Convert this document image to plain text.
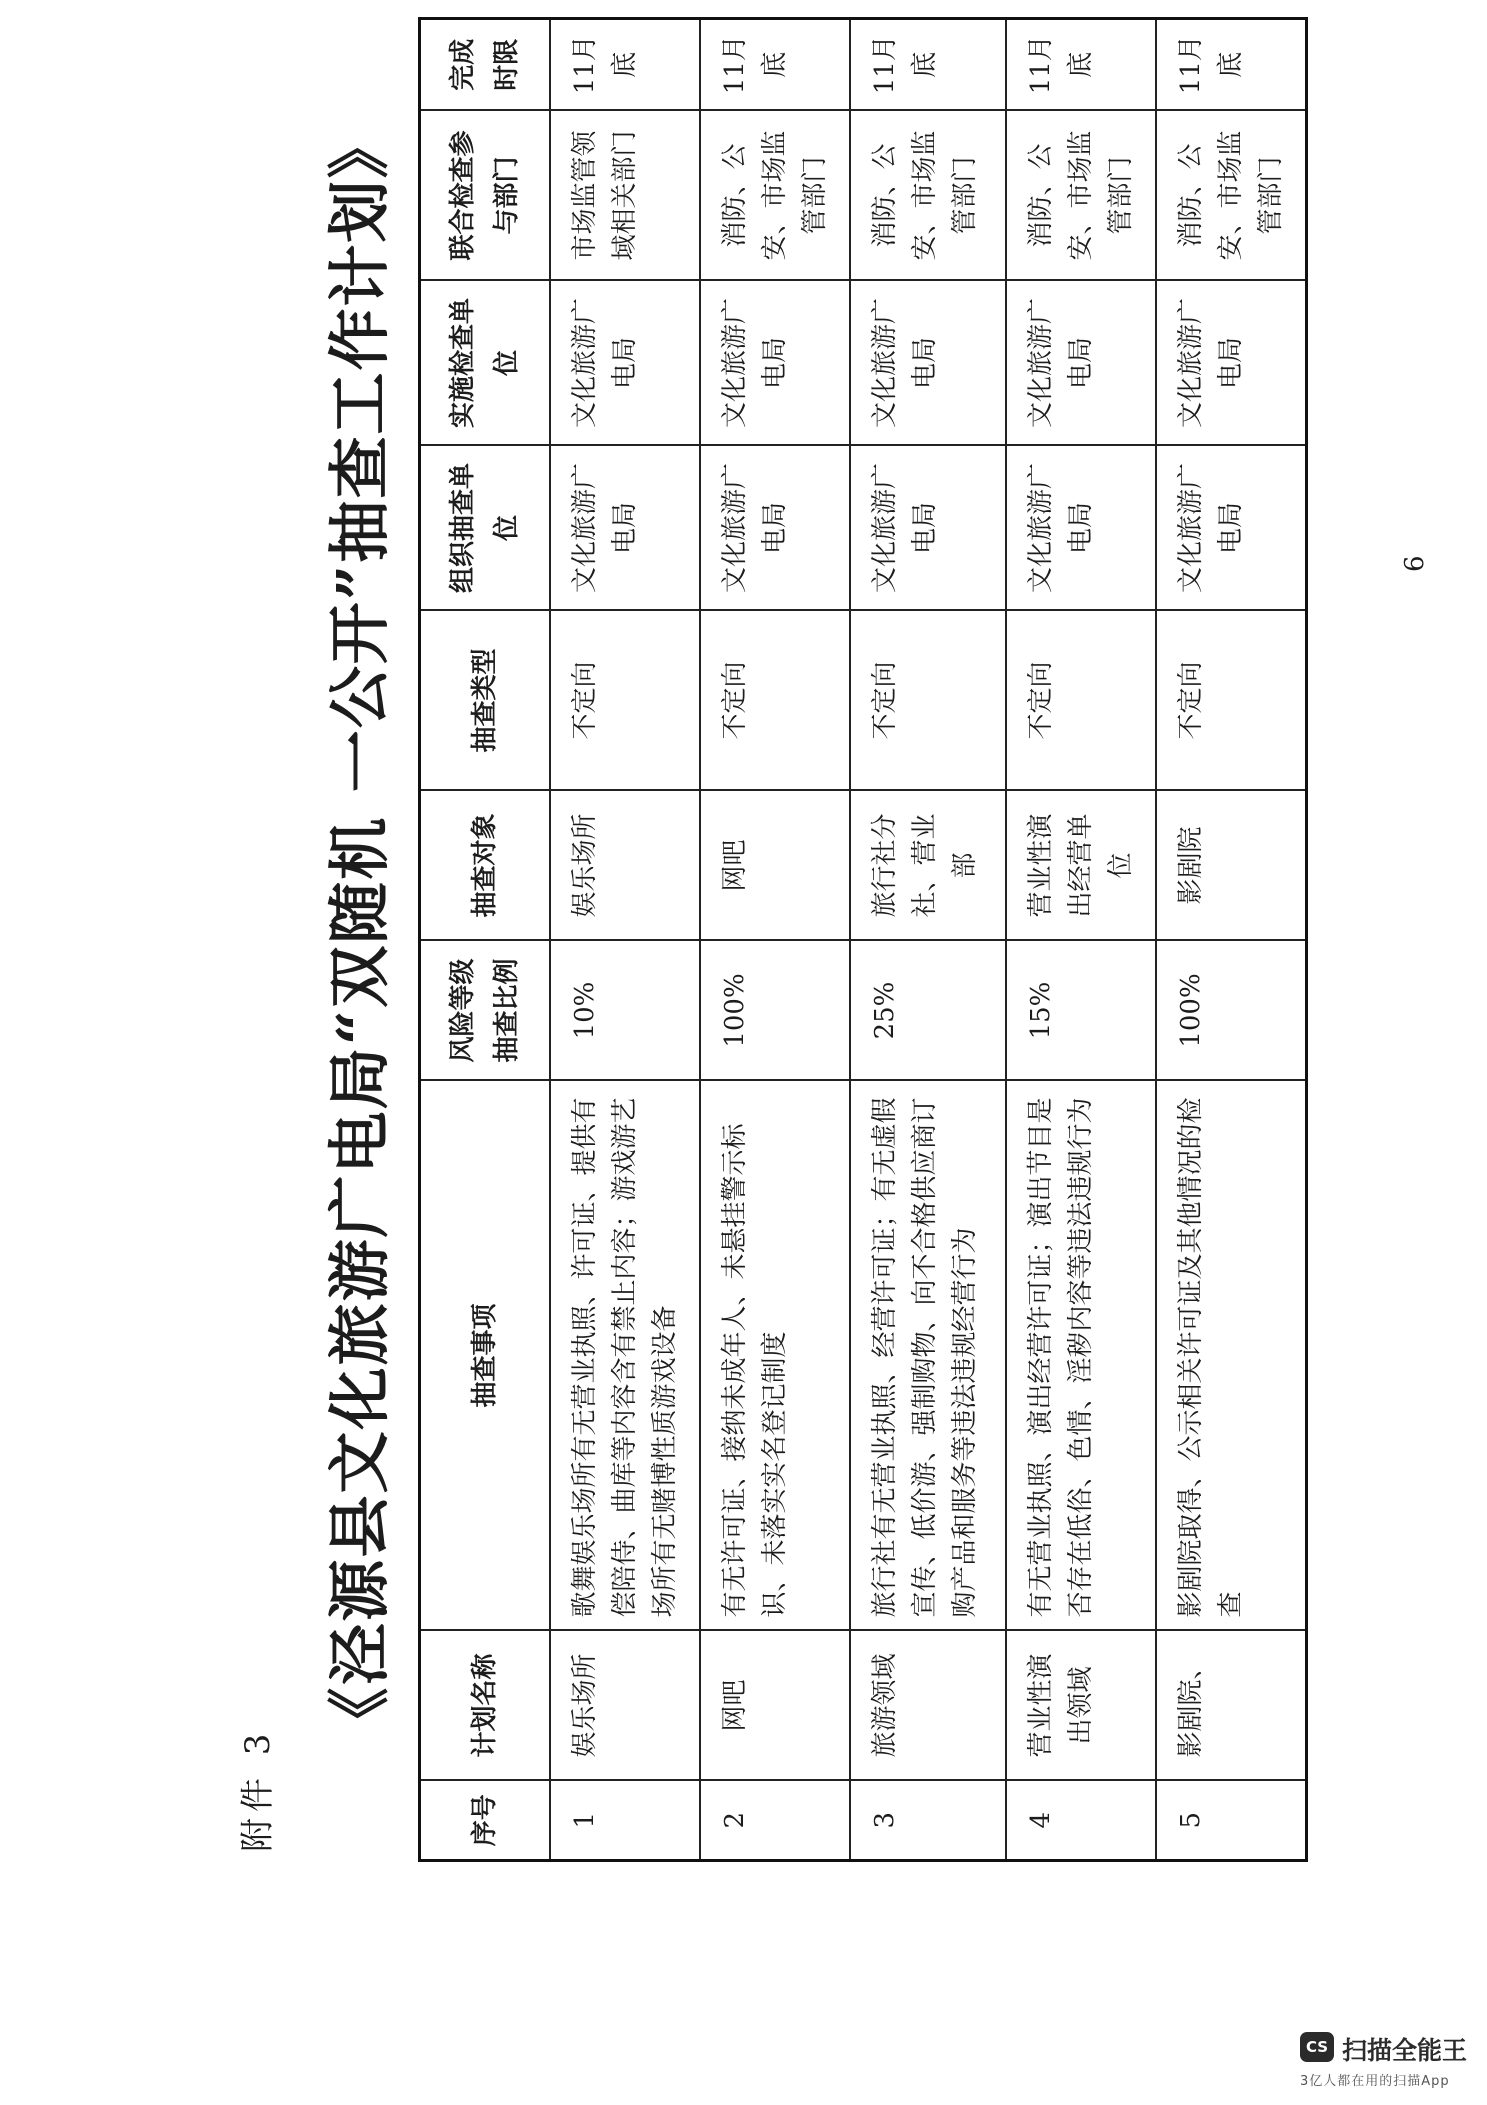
附件 3
《泾源县文化旅游广电局“双随机 一公开”抽查工作计划》
序号	计划名称	抽查事项	风险等级抽查比例	抽查对象	抽查类型	组织抽查单位	实施检查单位	联合检查参与部门	完成时限
1	娱乐场所	歌舞娱乐场所有无营业执照、许可证、提供有偿陪侍、曲库等内容含有禁止内容；游戏游艺场所有无赌博性质游戏设备	10%	娱乐场所	不定向	文化旅游广电局	文化旅游广电局	市场监管领域相关部门	11月底
2	网吧	有无许可证、接纳未成年人、未悬挂警示标识、未落实实名登记制度	100%	网吧	不定向	文化旅游广电局	文化旅游广电局	消防、公安、市场监管部门	11月底
3	旅游领域	旅行社有无营业执照、经营许可证；有无虚假宣传、低价游、强制购物、向不合格供应商订购产品和服务等违法违规经营行为	25%	旅行社分社、营业部	不定向	文化旅游广电局	文化旅游广电局	消防、公安、市场监管部门	11月底
4	营业性演出领域	有无营业执照、演出经营许可证；演出节目是否存在低俗、色情、淫秽内容等违法违规行为	15%	营业性演出经营单位	不定向	文化旅游广电局	文化旅游广电局	消防、公安、市场监管部门	11月底
5	影剧院、	影剧院取得、公示相关许可证及其他情况的检查	100%	影剧院	不定向	文化旅游广电局	文化旅游广电局	消防、公安、市场监管部门	11月底
6
CS 扫描全能王
3亿人都在用的扫描App
